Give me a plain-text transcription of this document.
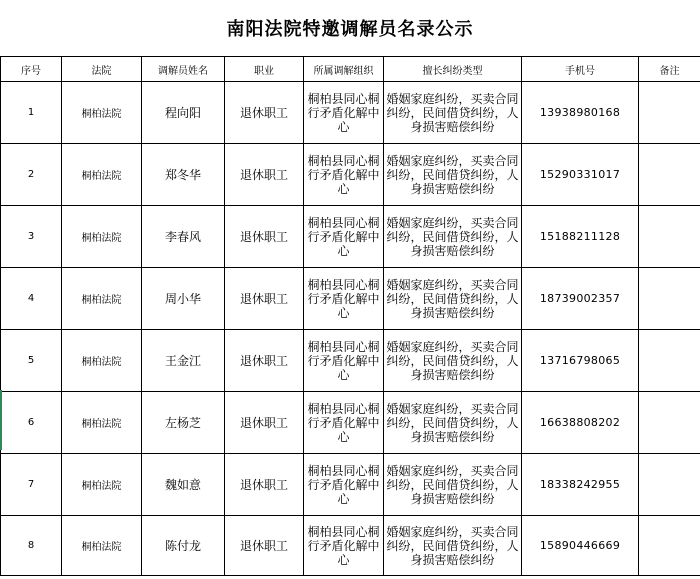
南阳法院特邀调解员名录公示
序号	法院	调解员姓名	职业	所属调解组织	擅长纠纷类型	手机号	备注
1	桐柏法院	程向阳	退休职工	桐柏县同心桐行矛盾化解中心	婚姻家庭纠纷，买卖合同纠纷，民间借贷纠纷，人身损害赔偿纠纷	13938980168	
2	桐柏法院	郑冬华	退休职工	桐柏县同心桐行矛盾化解中心	婚姻家庭纠纷，买卖合同纠纷，民间借贷纠纷，人身损害赔偿纠纷	15290331017	
3	桐柏法院	李春风	退休职工	桐柏县同心桐行矛盾化解中心	婚姻家庭纠纷，买卖合同纠纷，民间借贷纠纷，人身损害赔偿纠纷	15188211128	
4	桐柏法院	周小华	退休职工	桐柏县同心桐行矛盾化解中心	婚姻家庭纠纷，买卖合同纠纷，民间借贷纠纷，人身损害赔偿纠纷	18739002357	
5	桐柏法院	王金江	退休职工	桐柏县同心桐行矛盾化解中心	婚姻家庭纠纷，买卖合同纠纷，民间借贷纠纷，人身损害赔偿纠纷	13716798065	
6	桐柏法院	左杨芝	退休职工	桐柏县同心桐行矛盾化解中心	婚姻家庭纠纷，买卖合同纠纷，民间借贷纠纷，人身损害赔偿纠纷	16638808202	
7	桐柏法院	魏如意	退休职工	桐柏县同心桐行矛盾化解中心	婚姻家庭纠纷，买卖合同纠纷，民间借贷纠纷，人身损害赔偿纠纷	18338242955	
8	桐柏法院	陈付龙	退休职工	桐柏县同心桐行矛盾化解中心	婚姻家庭纠纷，买卖合同纠纷，民间借贷纠纷，人身损害赔偿纠纷	15890446669	
